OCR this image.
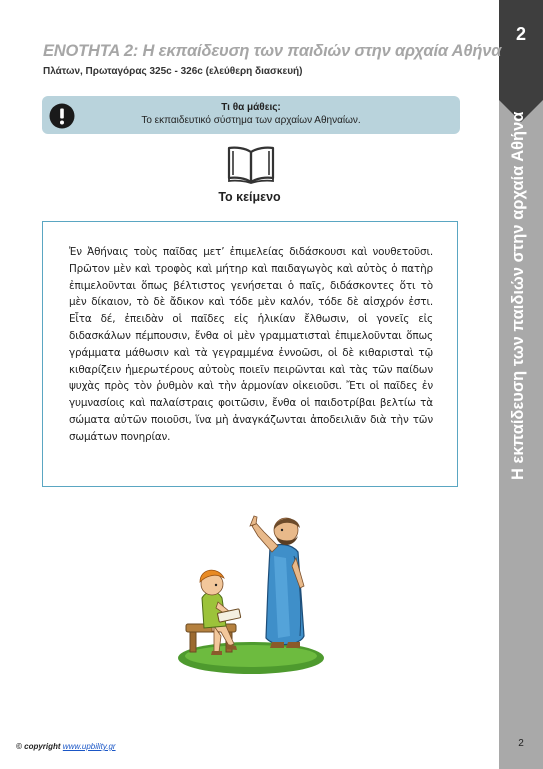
2
Η εκπαίδευση των παιδιών στην αρχαία Αθήνα
2
ΕΝΟΤΗΤΑ 2: Η εκπαίδευση των παιδιών στην αρχαία Αθήνα
Πλάτων, Πρωταγόρας 325c - 326c (ελεύθερη διασκευή)
Τι θα μάθεις:
Το εκπαιδευτικό σύστημα των αρχαίων Αθηναίων.
Το κείμενο

Ἐν Ἀθήναις τοὺς παῖδας μετ’ ἐπιμελείας διδάσκουσι καὶ νουθετοῦσι. Πρῶτον μὲν καὶ τροφὸς καὶ μήτηρ καὶ παιδαγωγὸς καὶ αὐτὸς ὁ πατὴρ ἐπιμελοῦνται ὅπως βέλτιστος γενήσεται ὁ παῖς, διδάσκοντες ὅτι τὸ μὲν δίκαιον, τὸ δὲ ἄδικον καὶ τόδε μὲν καλόν, τόδε δὲ αἰσχρόν ἐστι. Εἶτα δέ, ἐπειδὰν οἱ παῖδες εἰς ἡλικίαν ἔλθωσιν, οἱ γονεῖς εἰς διδασκάλων πέμπουσιν, ἔνθα οἱ μὲν γραμματισταὶ ἐπιμελοῦνται ὅπως γράμματα μάθωσιν καὶ τὰ γεγραμμένα ἐννοῶσι, οἱ δὲ κιθαρισταὶ τῷ κιθαρίζειν ἡμερωτέρους αὐτοὺς ποιεῖν πειρῶνται καὶ τὰς τῶν παίδων ψυχὰς πρὸς τὸν ῥυθμὸν καὶ τὴν ἁρμονίαν οἰκειοῦσι. Ἔτι οἱ παῖδες ἐν γυμνασίοις καὶ παλαίστραις φοιτῶσιν, ἔνθα οἱ παιδοτρίβαι βελτίω τὰ σώματα αὐτῶν ποιοῦσι, ἵνα μὴ ἀναγκάζωνται ἀποδειλιᾶν διὰ τὴν τῶν σωμάτων πονηρίαν.

© copyright www.upbility.gr
